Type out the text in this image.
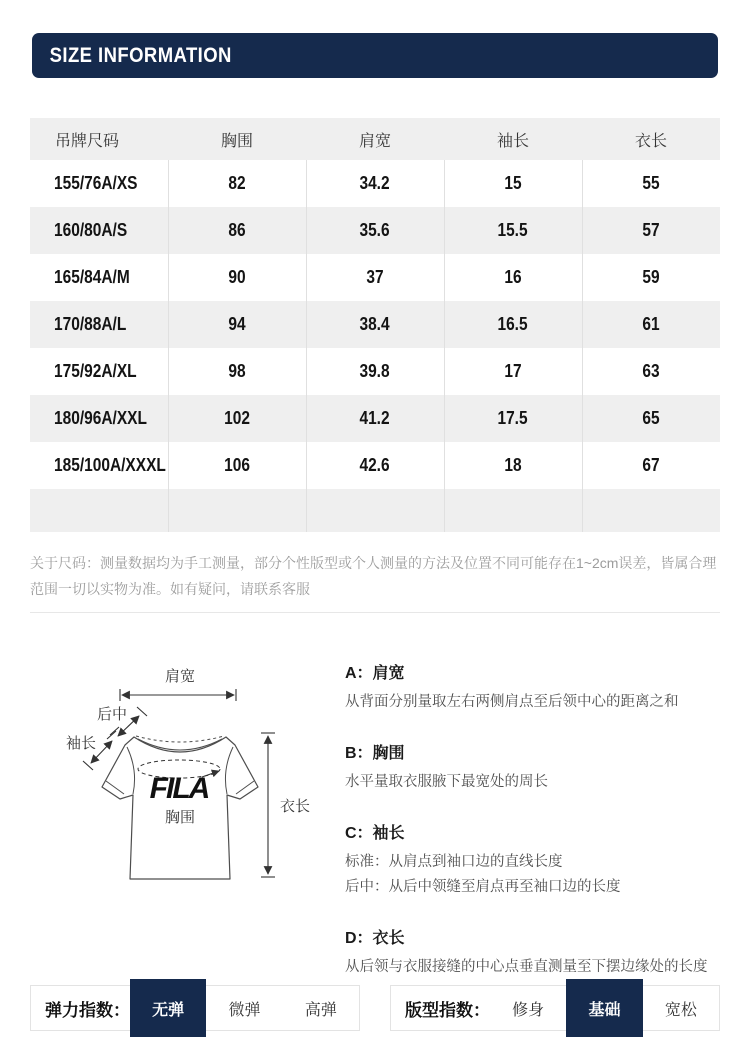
SIZE INFORMATION
吊牌尺码	胸围	肩宽	袖长	衣长
155/76A/XS	82	34.2	15	55
160/80A/S	86	35.6	15.5	57
165/84A/M	90	37	16	59
170/88A/L	94	38.4	16.5	61
175/92A/XL	98	39.8	17	63
180/96A/XXL	102	41.2	17.5	65
185/100A/XXXL	106	42.6	18	67

关于尺码：测量数据均为手工测量，部分个性版型或个人测量的方法及位置不同可能存在1~2cm误差，皆属合理范围一切以实物为准。如有疑问，请联系客服
FILA
胸围
肩宽
后中
袖长
衣长
A：肩宽
从背面分别量取左右两侧肩点至后领中心的距离之和
B：胸围
水平量取衣服腋下最宽处的周长
C：袖长
标准：从肩点到袖口边的直线长度
后中：从后中领缝至肩点再至袖口边的长度
D：衣长
从后领与衣服接缝的中心点垂直测量至下摆边缘处的长度
弹力指数：	无弹	微弹	高弹	版型指数：	修身	基础	宽松
